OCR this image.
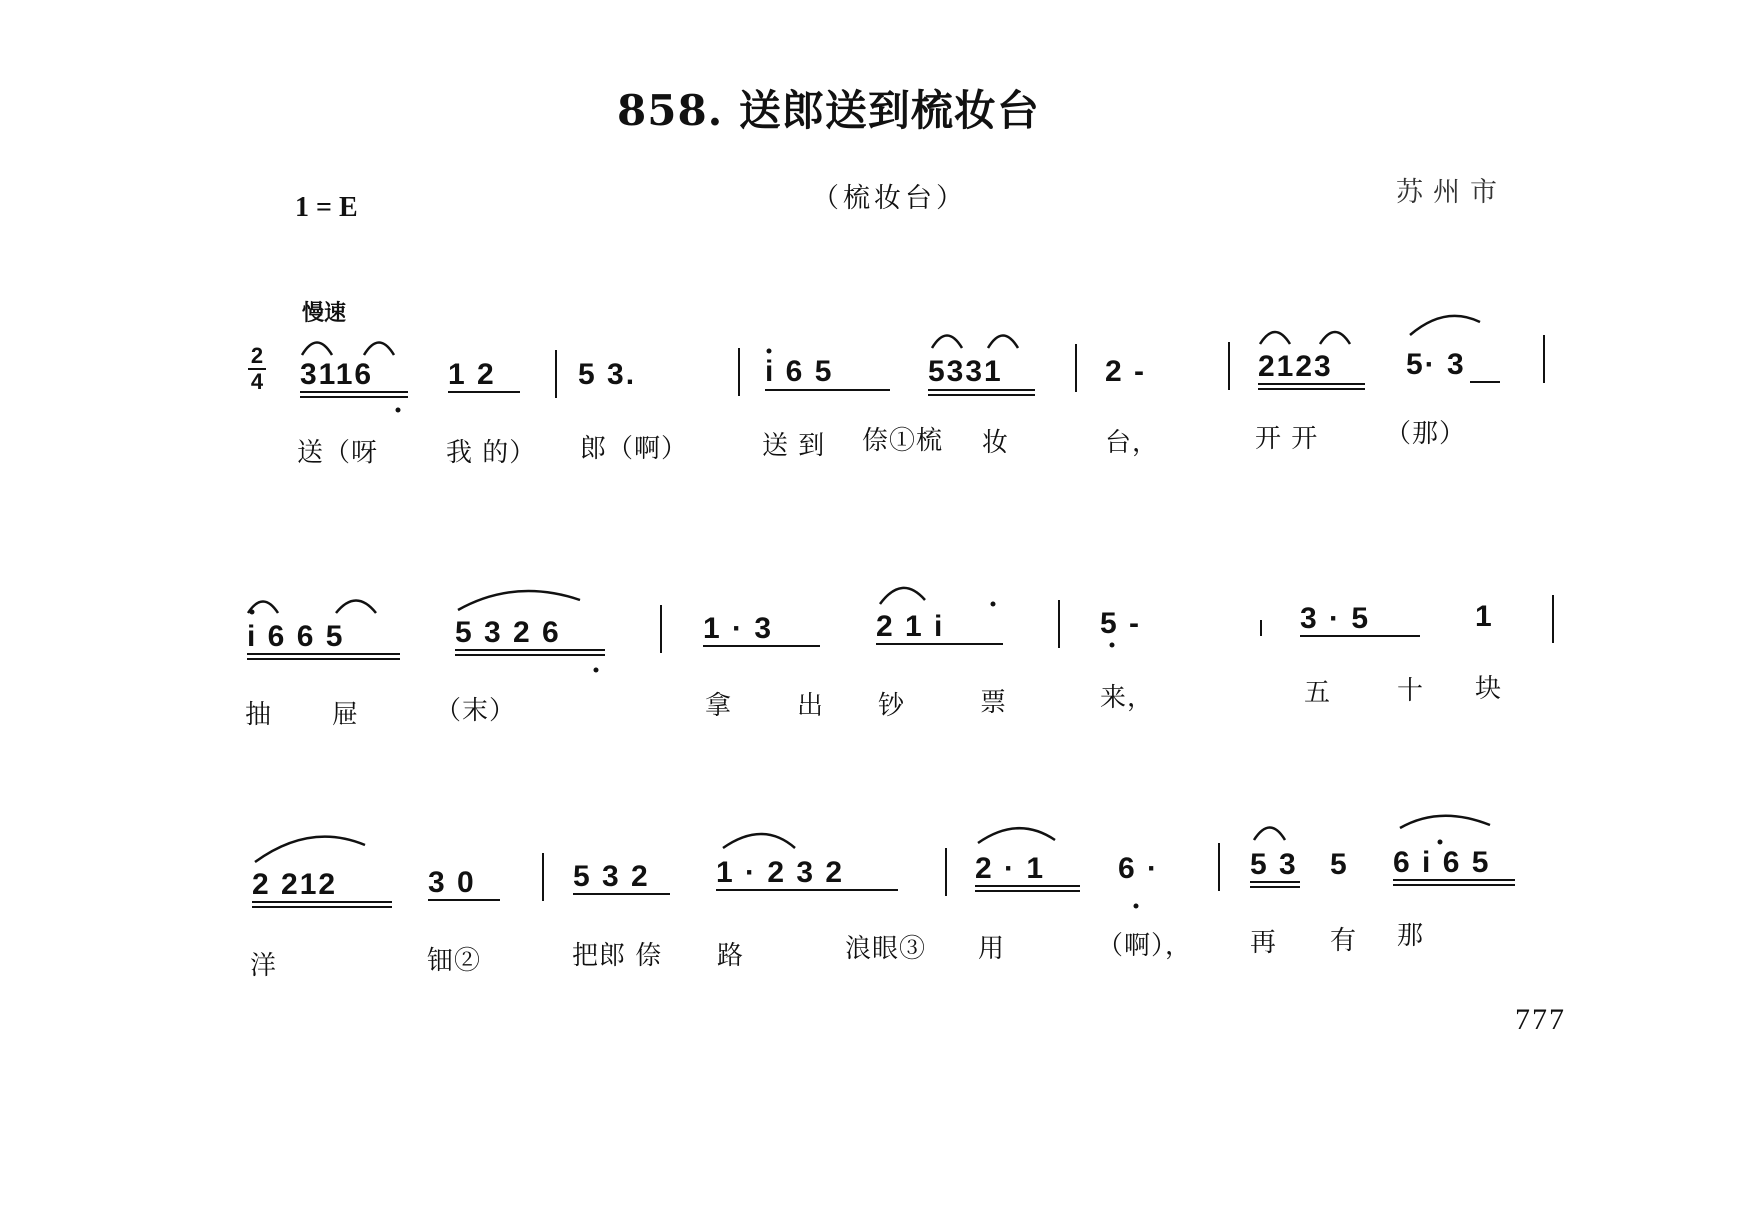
858. 送郎送到梳妆台
1 = E	（梳妆台）	苏州市
慢速
2
4 3116 1 2	5 3.	i 6 5	5331	2 -	2123 5· 3
送（呀	我 的） 郎（啊）	送 到 倷①梳 妆	台，	开 开	（那）
i 6 6 5	5 3 2 6	1 · 3	2 1 i	5 -	3 · 5	1
抽 屉	（末）	拿 出 钞	票	来，	五	十 块
2 212	3 0	5 3 2 1 · 2 3 2	2 · 1 6 ·	5 3 5 6 i 6 5
洋	钿②	把郎 倷 路	浪眼③ 用	（啊）， 再 有 那
777
